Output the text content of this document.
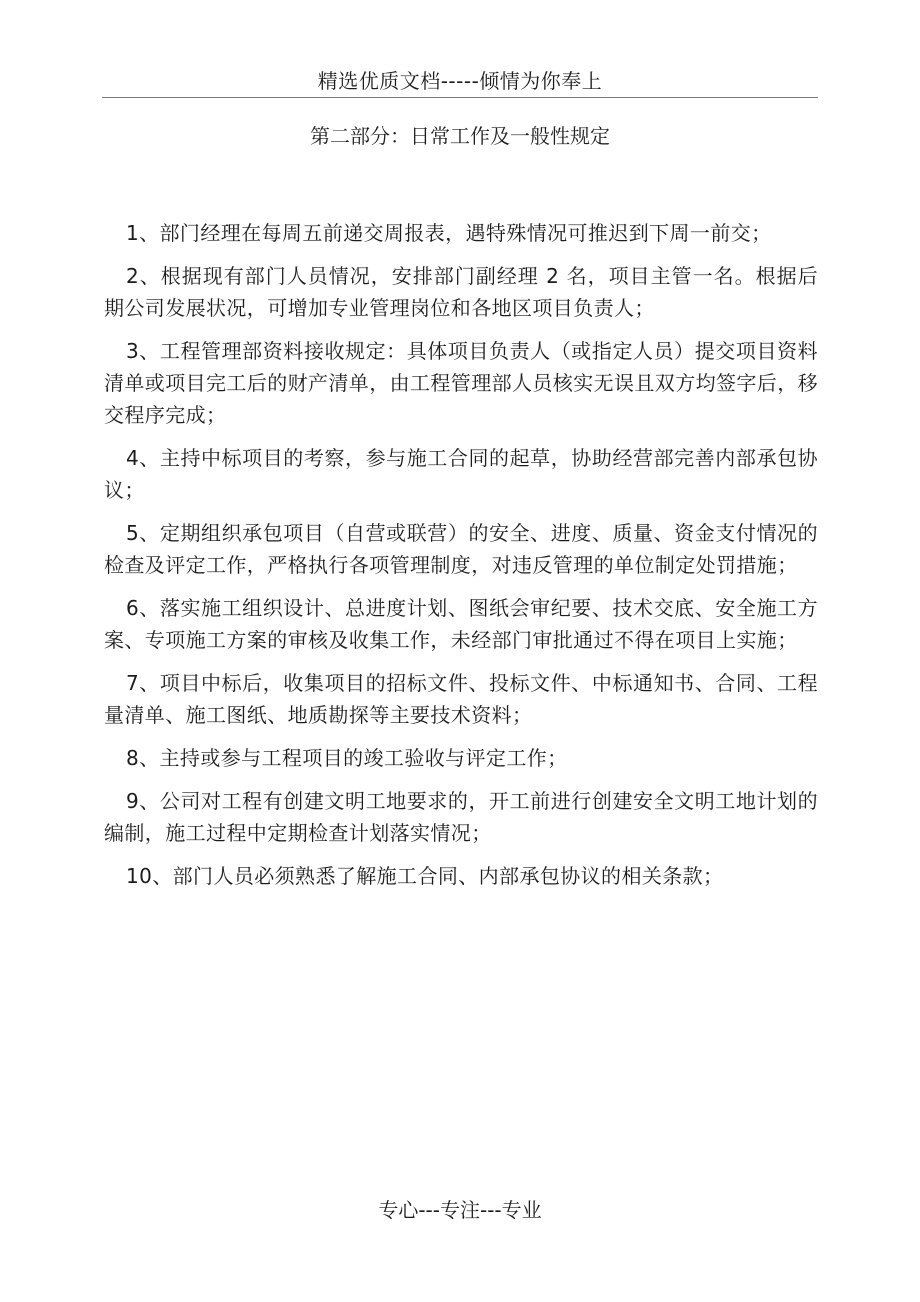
精选优质文档-----倾情为你奉上
第二部分：日常工作及一般性规定
1、部门经理在每周五前递交周报表，遇特殊情况可推迟到下周一前交；
2、根据现有部门人员情况，安排部门副经理 2 名，项目主管一名。根据后期公司发展状况，可增加专业管理岗位和各地区项目负责人；
3、工程管理部资料接收规定：具体项目负责人（或指定人员）提交项目资料清单或项目完工后的财产清单，由工程管理部人员核实无误且双方均签字后，移交程序完成；
4、主持中标项目的考察，参与施工合同的起草，协助经营部完善内部承包协议；
5、定期组织承包项目（自营或联营）的安全、进度、质量、资金支付情况的检查及评定工作，严格执行各项管理制度，对违反管理的单位制定处罚措施；
6、落实施工组织设计、总进度计划、图纸会审纪要、技术交底、安全施工方案、专项施工方案的审核及收集工作，未经部门审批通过不得在项目上实施；
7、项目中标后，收集项目的招标文件、投标文件、中标通知书、合同、工程量清单、施工图纸、地质勘探等主要技术资料；
8、主持或参与工程项目的竣工验收与评定工作；
9、公司对工程有创建文明工地要求的，开工前进行创建安全文明工地计划的编制，施工过程中定期检查计划落实情况；
10、部门人员必须熟悉了解施工合同、内部承包协议的相关条款；
专心---专注---专业
